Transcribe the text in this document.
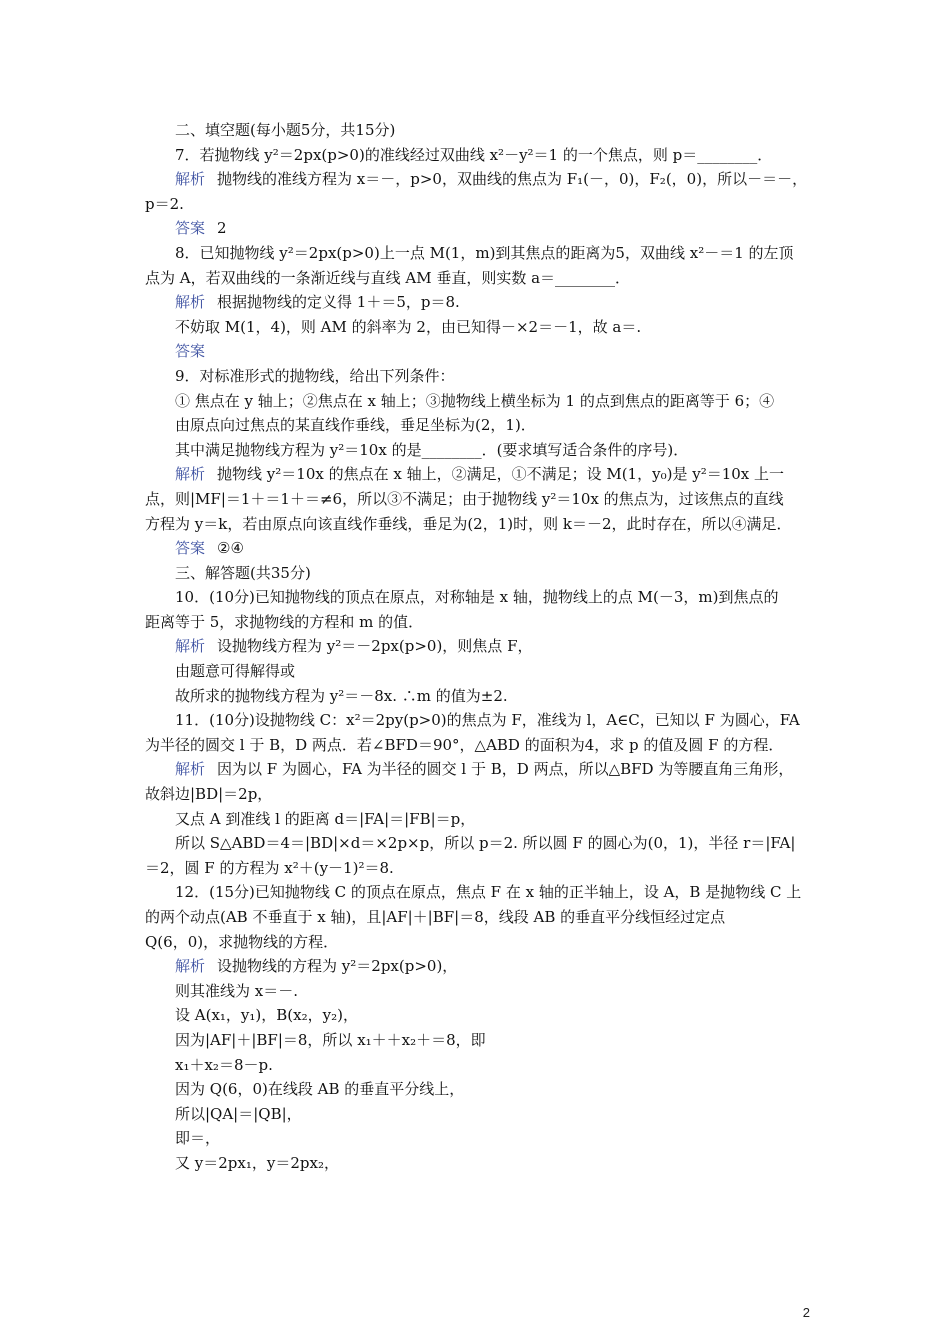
二、填空题(每小题5分，共15分)
7．若抛物线 y²＝2px(p>0)的准线经过双曲线 x²－y²＝1 的一个焦点，则 p＝________．
解析 抛物线的准线方程为 x＝－，p>0，双曲线的焦点为 F₁(－，0)，F₂(，0)，所以－＝－，
p＝2.
答案 2
8．已知抛物线 y²＝2px(p>0)上一点 M(1，m)到其焦点的距离为5，双曲线 x²－＝1 的左顶
点为 A，若双曲线的一条渐近线与直线 AM 垂直，则实数 a＝________．
解析 根据抛物线的定义得 1＋＝5，p＝8.
不妨取 M(1，4)，则 AM 的斜率为 2，由已知得－×2＝－1，故 a＝.
答案
9．对标准形式的抛物线，给出下列条件：
① 焦点在 y 轴上；②焦点在 x 轴上；③抛物线上横坐标为 1 的点到焦点的距离等于 6；④
由原点向过焦点的某直线作垂线，垂足坐标为(2，1)．
其中满足抛物线方程为 y²＝10x 的是________．(要求填写适合条件的序号)．
解析 抛物线 y²＝10x 的焦点在 x 轴上，②满足，①不满足；设 M(1，y₀)是 y²＝10x 上一
点，则|MF|＝1＋＝1＋＝≠6，所以③不满足；由于抛物线 y²＝10x 的焦点为，过该焦点的直线
方程为 y＝k，若由原点向该直线作垂线，垂足为(2，1)时，则 k＝－2，此时存在，所以④满足．
答案 ②④
三、解答题(共35分)
10．(10分)已知抛物线的顶点在原点，对称轴是 x 轴，抛物线上的点 M(－3，m)到焦点的
距离等于 5，求抛物线的方程和 m 的值．
解析 设抛物线方程为 y²＝－2px(p>0)，则焦点 F，
由题意可得解得或
故所求的抛物线方程为 y²＝－8x. ∴m 的值为±2.
11．(10分)设抛物线 C：x²＝2py(p>0)的焦点为 F，准线为 l，A∈C，已知以 F 为圆心，FA
为半径的圆交 l 于 B，D 两点．若∠BFD＝90°，△ABD 的面积为4，求 p 的值及圆 F 的方程．
解析 因为以 F 为圆心，FA 为半径的圆交 l 于 B，D 两点，所以△BFD 为等腰直角三角形，
故斜边|BD|＝2p，
又点 A 到准线 l 的距离 d＝|FA|＝|FB|＝p，
所以 S△ABD＝4＝|BD|×d＝×2p×p，所以 p＝2. 所以圆 F 的圆心为(0，1)，半径 r＝|FA|
＝2，圆 F 的方程为 x²＋(y－1)²＝8.
12．(15分)已知抛物线 C 的顶点在原点，焦点 F 在 x 轴的正半轴上，设 A，B 是抛物线 C 上
的两个动点(AB 不垂直于 x 轴)，且|AF|＋|BF|＝8，线段 AB 的垂直平分线恒经过定点
Q(6，0)，求抛物线的方程．
解析 设抛物线的方程为 y²＝2px(p>0)，
则其准线为 x＝－.
设 A(x₁，y₁)，B(x₂，y₂)，
因为|AF|＋|BF|＝8，所以 x₁＋＋x₂＋＝8，即
x₁＋x₂＝8－p.
因为 Q(6，0)在线段 AB 的垂直平分线上，
所以|QA|＝|QB|，
即＝，
又 y＝2px₁，y＝2px₂，
2
